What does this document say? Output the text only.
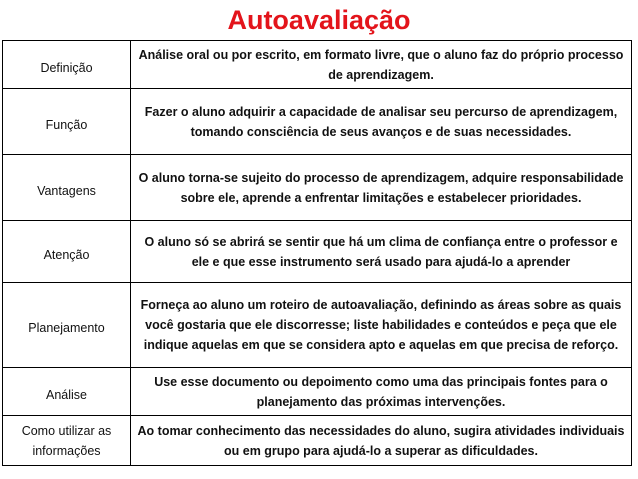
Autoavaliação
Definição	Análise oral ou por escrito, em formato livre, que o aluno faz do próprio processo de aprendizagem.

Função	Fazer o aluno adquirir a capacidade de analisar seu percurso de aprendizagem, tomando consciência de seus avanços e de suas necessidades.

Vantagens	O aluno torna-se sujeito do processo de aprendizagem, adquire responsabilidade sobre ele, aprende a enfrentar limitações e estabelecer prioridades.

Atenção	O aluno só se abrirá se sentir que há um clima de confiança entre o professor e ele e que esse instrumento será usado para ajudá-lo a aprender

Planejamento	Forneça ao aluno um roteiro de autoavaliação, definindo as áreas sobre as quais você gostaria que ele discorresse; liste habilidades e conteúdos e peça que ele indique aquelas em que se considera apto e aquelas em que precisa de reforço.

Análise	Use esse documento ou depoimento como uma das principais fontes para o planejamento das próximas intervenções.

Como utilizar as informações	Ao tomar conhecimento das necessidades do aluno, sugira atividades individuais ou em grupo para ajudá-lo a superar as dificuldades.
